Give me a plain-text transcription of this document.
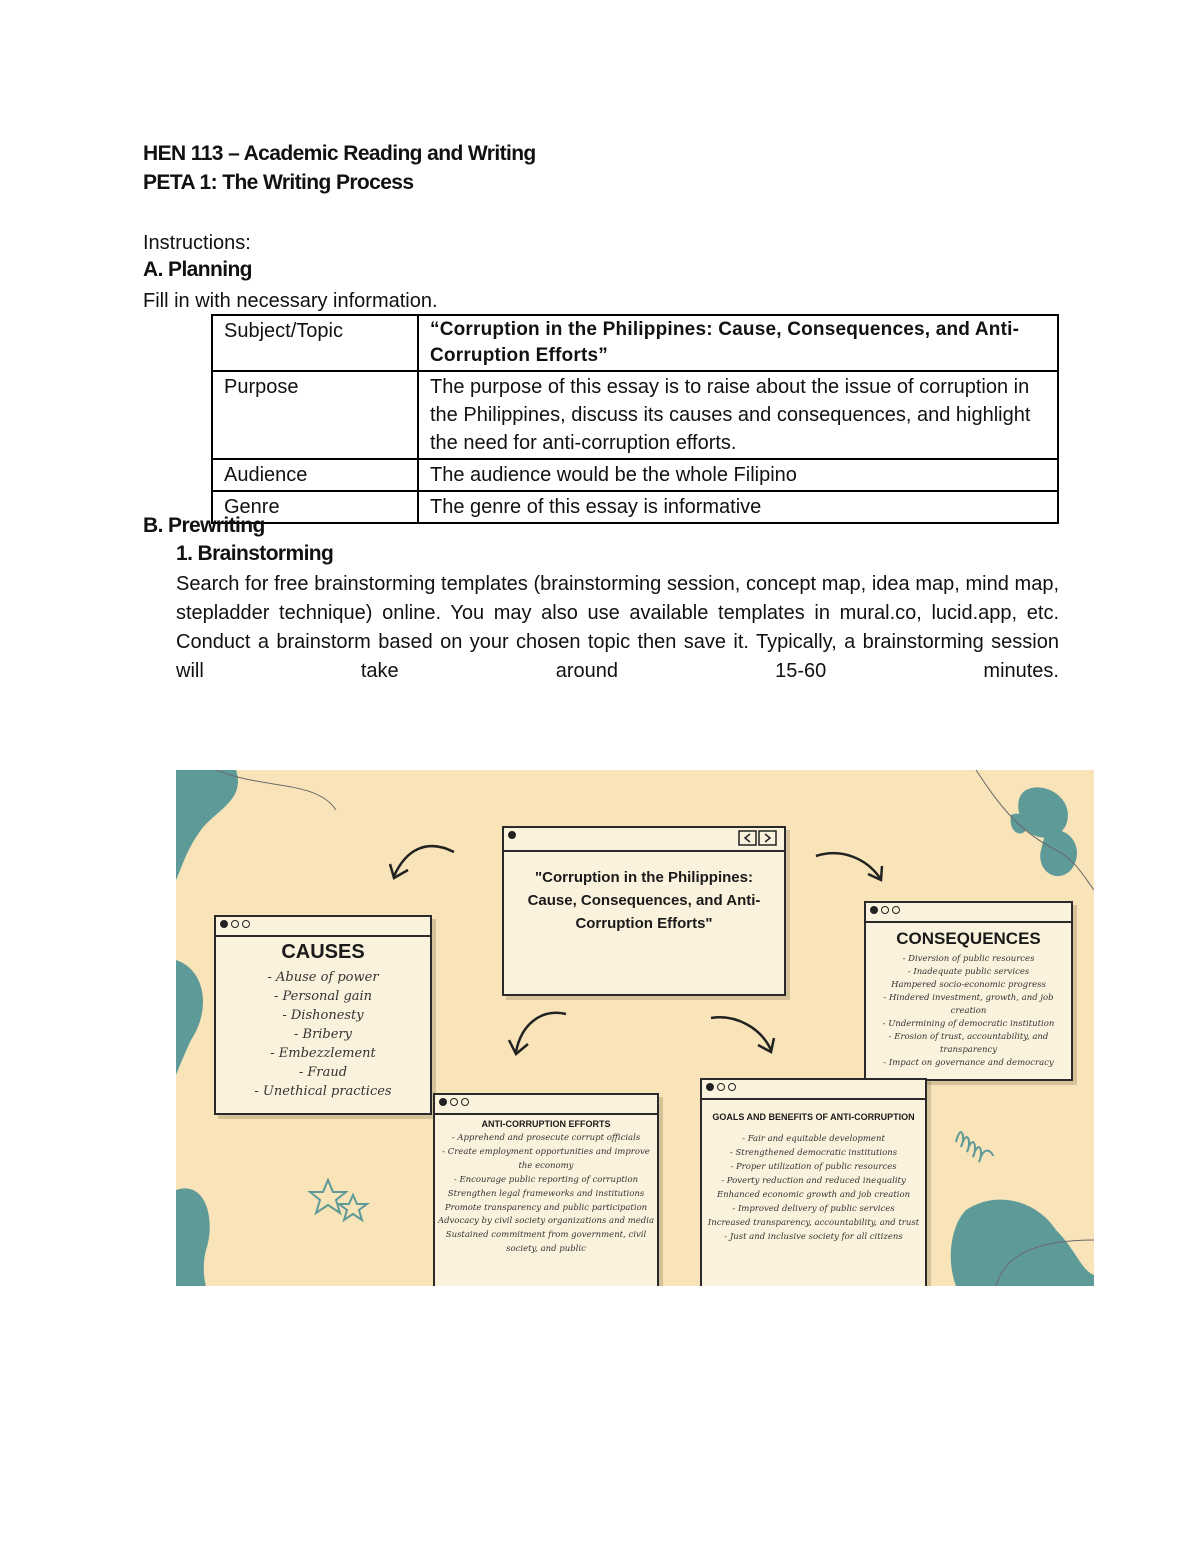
HEN 113 – Academic Reading and Writing
PETA 1: The Writing Process
Instructions:
A. Planning
Fill in with necessary information.
Subject/Topic	“Corruption in the Philippines: Cause, Consequences, and Anti-Corruption Efforts”
Purpose	The purpose of this essay is to raise about the issue of corruption in the Philippines, discuss its causes and consequences, and highlight the need for anti-corruption efforts.
Audience	The audience would be the whole Filipino
Genre	The genre of this essay is informative
B. Prewriting
1. Brainstorming
Search for free brainstorming templates (brainstorming session, concept map, idea map, mind map, stepladder technique) online. You may also use available templates in mural.co, lucid.app, etc. Conduct a brainstorm based on your chosen topic then save it. Typically, a brainstorming session will take around 15-60 minutes.
"Corruption in the Philippines: Cause, Consequences, and Anti-Corruption Efforts"
CAUSES
- Abuse of power
- Personal gain
- Dishonesty
- Bribery
- Embezzlement
- Fraud
- Unethical practices
CONSEQUENCES
- Diversion of public resources
- Inadequate public services
Hampered socio-economic progress
- Hindered investment, growth, and job creation
- Undermining of democratic institution
- Erosion of trust, accountability, and transparency
- Impact on governance and democracy
ANTI-CORRUPTION EFFORTS
- Apprehend and prosecute corrupt officials
- Create employment opportunities and improve the economy
- Encourage public reporting of corruption
Strengthen legal frameworks and institutions
Promote transparency and public participation
Advocacy by civil society organizations and media
Sustained commitment from government, civil society, and public
GOALS AND BENEFITS OF ANTI-CORRUPTION
- Fair and equitable development
- Strengthened democratic institutions
- Proper utilization of public resources
- Poverty reduction and reduced inequality
Enhanced economic growth and job creation
- Improved delivery of public services
Increased transparency, accountability, and trust
- Just and inclusive society for all citizens
